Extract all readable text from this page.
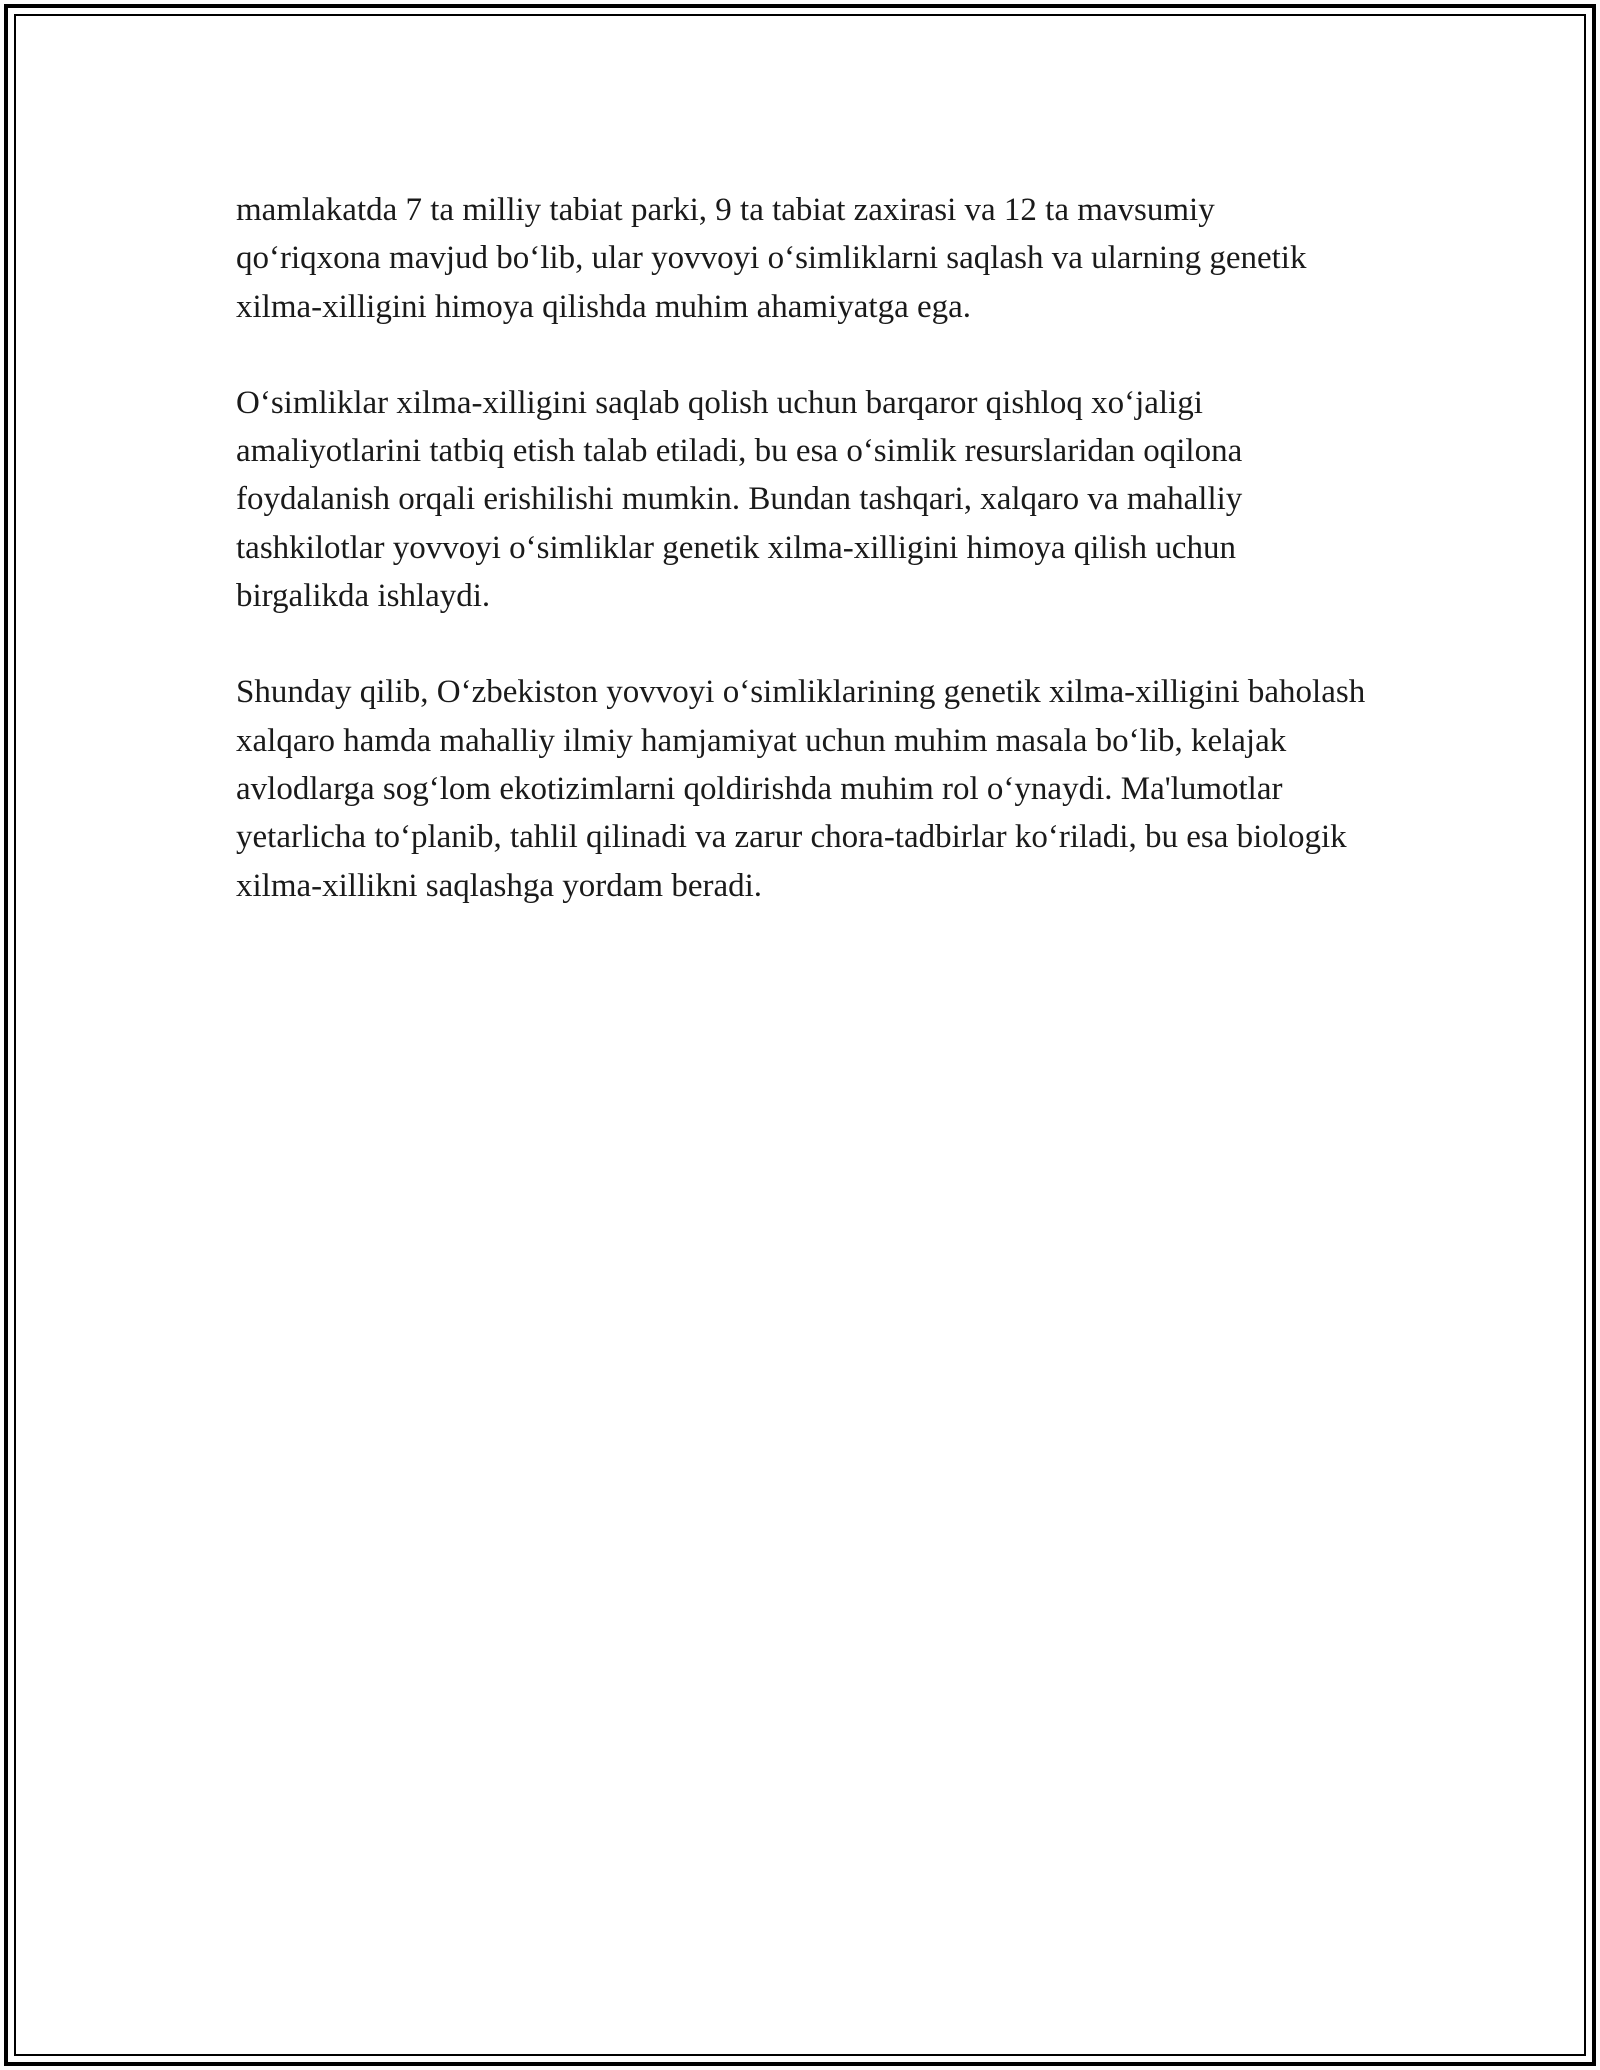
mamlakatda 7 ta milliy tabiat parki, 9 ta tabiat zaxirasi va 12 ta mavsumiy qo‘riqxona mavjud bo‘lib, ular yovvoyi o‘simliklarni saqlash va ularning genetik xilma-xilligini himoya qilishda muhim ahamiyatga ega.

O‘simliklar xilma-xilligini saqlab qolish uchun barqaror qishloq xo‘jaligi amaliyotlarini tatbiq etish talab etiladi, bu esa o‘simlik resurslaridan oqilona foydalanish orqali erishilishi mumkin. Bundan tashqari, xalqaro va mahalliy tashkilotlar yovvoyi o‘simliklar genetik xilma-xilligini himoya qilish uchun birgalikda ishlaydi.

Shunday qilib, O‘zbekiston yovvoyi o‘simliklarining genetik xilma-xilligini baholash xalqaro hamda mahalliy ilmiy hamjamiyat uchun muhim masala bo‘lib, kelajak avlodlarga sog‘lom ekotizimlarni qoldirishda muhim rol o‘ynaydi. Ma'lumotlar yetarlicha to‘planib, tahlil qilinadi va zarur chora-tadbirlar ko‘riladi, bu esa biologik xilma-xillikni saqlashga yordam beradi.
